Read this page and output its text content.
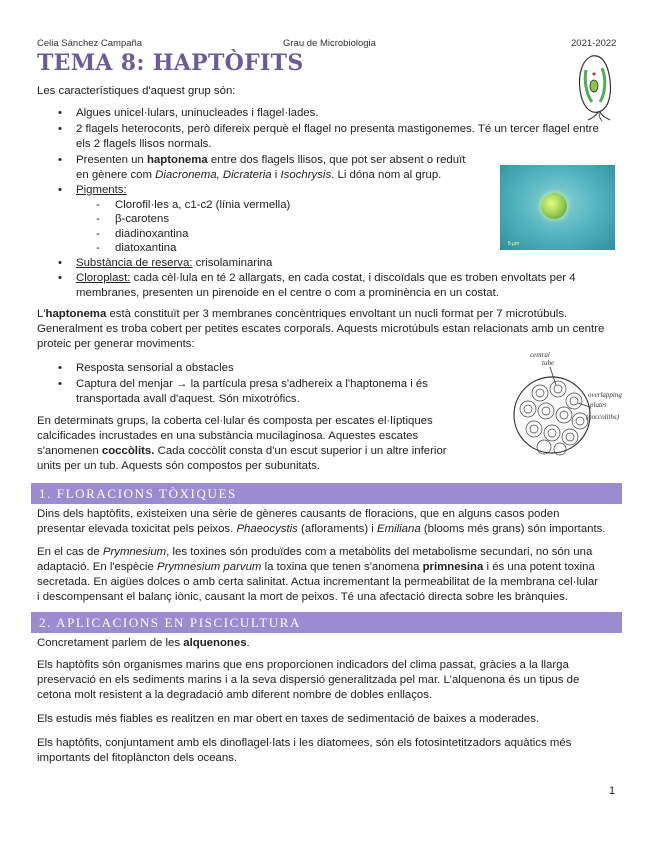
Celia Sánchez Campaña	Grau de Microbiologia	2021-2022
TEMA 8: HAPTÒFITS
Les característiques d'aquest grup són:
• Algues unicel·lulars, uninucleades i flagel·lades.
• 2 flagels heteroconts, però difereix perquè el flagel no presenta mastigonemes. Té un tercer flagel entre
els 2 flagels llisos normals.
• Presenten un haptonema entre dos flagels llisos, que pot ser absent o reduït
en gènere com Diacronema, Dicrateria i Isochrysis. Li dóna nom al grup.
• Pigments:
- Clorofil·les a, c1-c2 (línia vermella)
- β-carotens
- diadinoxantina
- diatoxantina	5 µm
• Substància de reserva: crisolaminarina
• Cloroplast: cada cèl·lula en té 2 allargats, en cada costat, i discoïdals que es troben envoltats per 4
membranes, presenten un pirenoide en el centre o com a prominència en un costat.
L'haptonema està constituït per 3 membranes concèntriques envoltant un nucli format per 7 microtúbuls.
Generalment es troba cobert per petites escates corporals. Aquests microtúbuls estan relacionats amb un centre
proteic per generar moviments:
• Resposta sensorial a obstacles
• Captura del menjar → la partícula presa s'adhereix a l'haptonema i és
transportada avall d'aquest. Són mixotròfics.
central
tube
overlapping
plates
(coccoliths)
En determinats grups, la coberta cel·lular és composta per escates el·líptiques
calcificades incrustades en una substància mucilaginosa. Aquestes escates
s'anomenen coccòlits. Cada coccòlit consta d'un escut superior i un altre inferior
units per un tub. Aquests són compostos per subunitats.
1. FLORACIONS TÒXIQUES
Dins dels haptòfits, existeixen una sèrie de gèneres causants de floracions, que en alguns casos poden
presentar elevada toxicitat pels peixos. Phaeocystis (afloraments) i Emiliana (blooms més grans) són importants.
En el cas de Prymnesium, les toxines són produïdes com a metabòlits del metabolisme secundari, no són una
adaptació. En l'espècie Prymnesium parvum la toxina que tenen s'anomena primnesina i és una potent toxina
secretada. En aigües dolces o amb certa salinitat. Actua incrementant la permeabilitat de la membrana cel·lular
i descompensant el balanç iònic, causant la mort de peixos. Té una afectació directa sobre les brànquies.
2. APLICACIONS EN PISCICULTURA
Concretament parlem de les alquenones.
Els haptòfits són organismes marins que ens proporcionen indicadors del clima passat, gràcies a la llarga
preservació en els sediments marins i a la seva dispersió generalitzada pel mar. L'alquenona és un tipus de
cetona molt resistent a la degradació amb diferent nombre de dobles enllaços.
Els estudis més fiables es realitzen en mar obert en taxes de sedimentació de baixes a moderades.
Els haptòfits, conjuntament amb els dinoflagel·lats i les diatomees, són els fotosintetitzadors aquàtics més
importants del fitoplàncton dels oceans.
1
